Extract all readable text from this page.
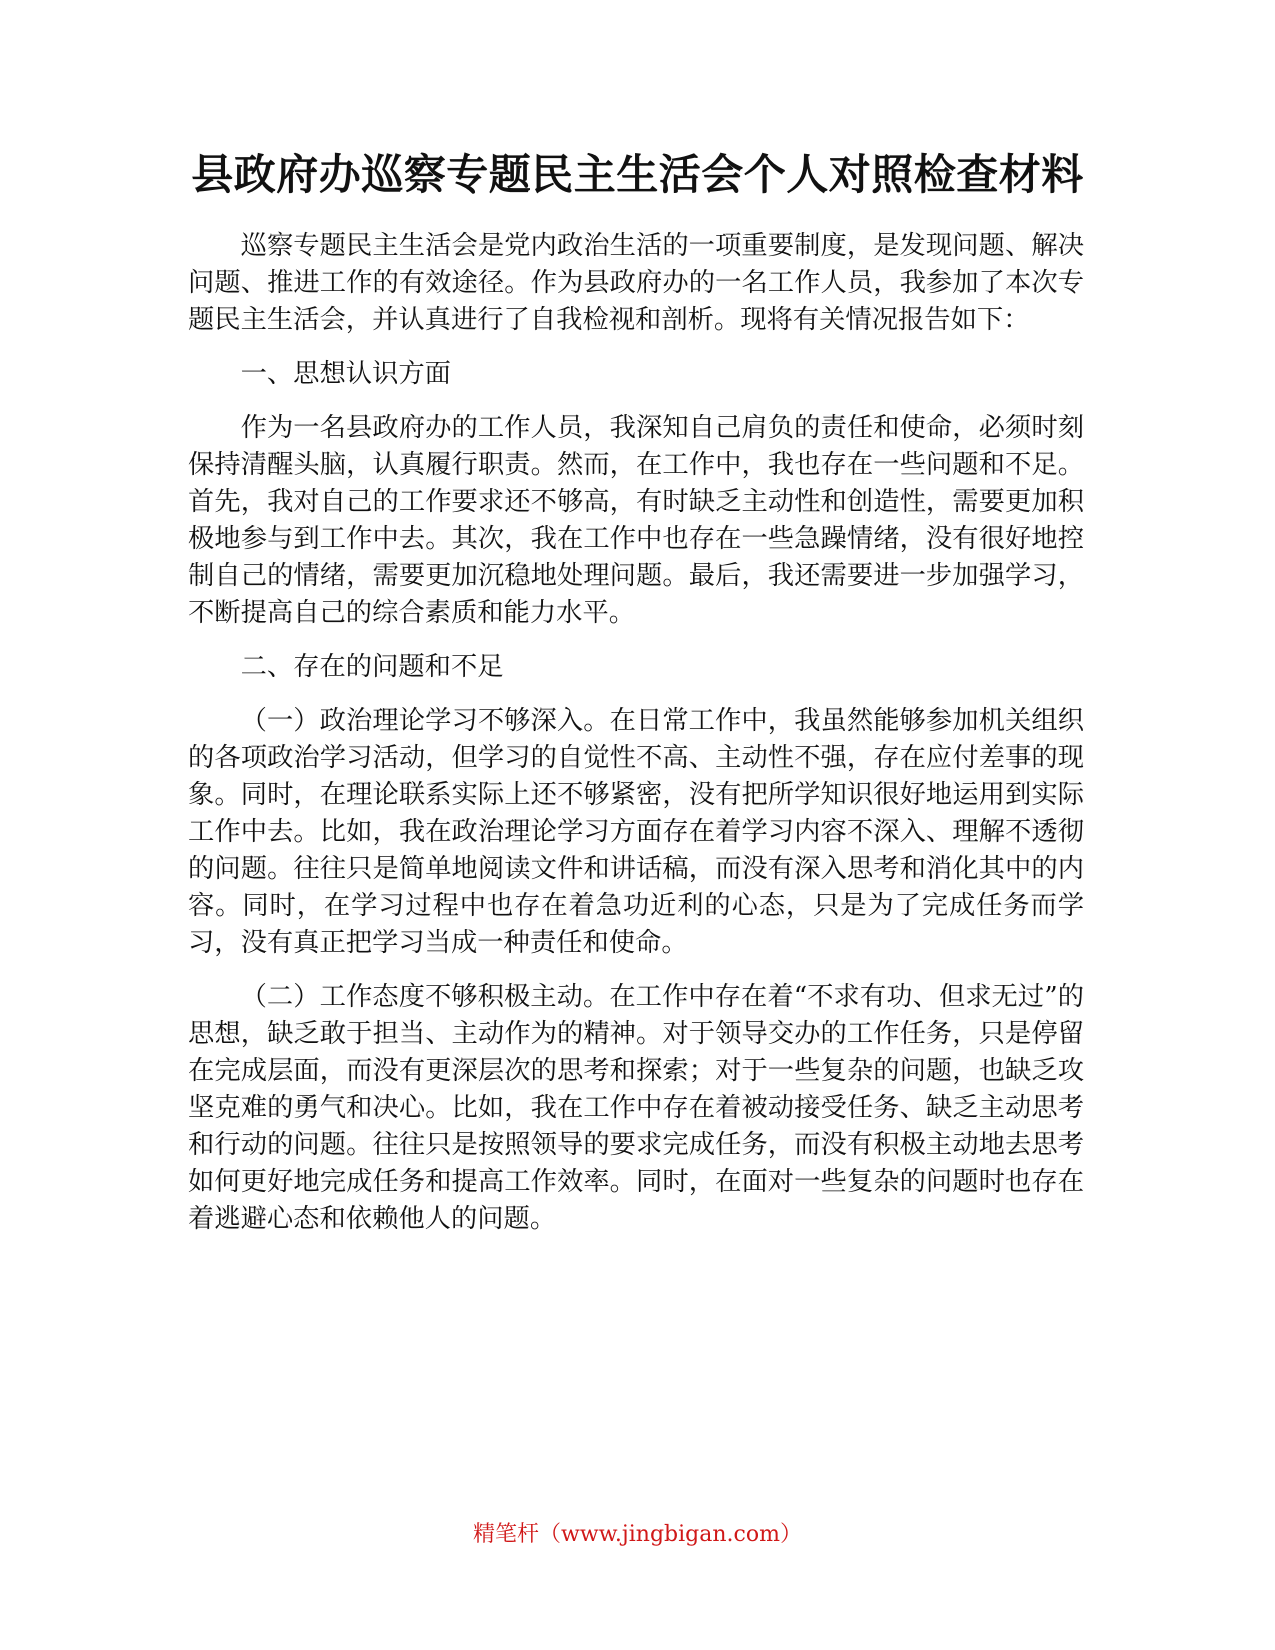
县政府办巡察专题民主生活会个人对照检查材料

巡察专题民主生活会是党内政治生活的一项重要制度，是发现问题、解决问题、推进工作的有效途径。作为县政府办的一名工作人员，我参加了本次专题民主生活会，并认真进行了自我检视和剖析。现将有关情况报告如下：

一、思想认识方面

作为一名县政府办的工作人员，我深知自己肩负的责任和使命，必须时刻保持清醒头脑，认真履行职责。然而，在工作中，我也存在一些问题和不足。首先，我对自己的工作要求还不够高，有时缺乏主动性和创造性，需要更加积极地参与到工作中去。其次，我在工作中也存在一些急躁情绪，没有很好地控制自己的情绪，需要更加沉稳地处理问题。最后，我还需要进一步加强学习，不断提高自己的综合素质和能力水平。

二、存在的问题和不足

（一）政治理论学习不够深入。在日常工作中，我虽然能够参加机关组织的各项政治学习活动，但学习的自觉性不高、主动性不强，存在应付差事的现象。同时，在理论联系实际上还不够紧密，没有把所学知识很好地运用到实际工作中去。比如，我在政治理论学习方面存在着学习内容不深入、理解不透彻的问题。往往只是简单地阅读文件和讲话稿，而没有深入思考和消化其中的内容。同时，在学习过程中也存在着急功近利的心态，只是为了完成任务而学习，没有真正把学习当成一种责任和使命。

（二）工作态度不够积极主动。在工作中存在着“不求有功、但求无过”的思想，缺乏敢于担当、主动作为的精神。对于领导交办的工作任务，只是停留在完成层面，而没有更深层次的思考和探索；对于一些复杂的问题，也缺乏攻坚克难的勇气和决心。比如，我在工作中存在着被动接受任务、缺乏主动思考和行动的问题。往往只是按照领导的要求完成任务，而没有积极主动地去思考如何更好地完成任务和提高工作效率。同时，在面对一些复杂的问题时也存在着逃避心态和依赖他人的问题。

精笔杆（www.jingbigan.com）
